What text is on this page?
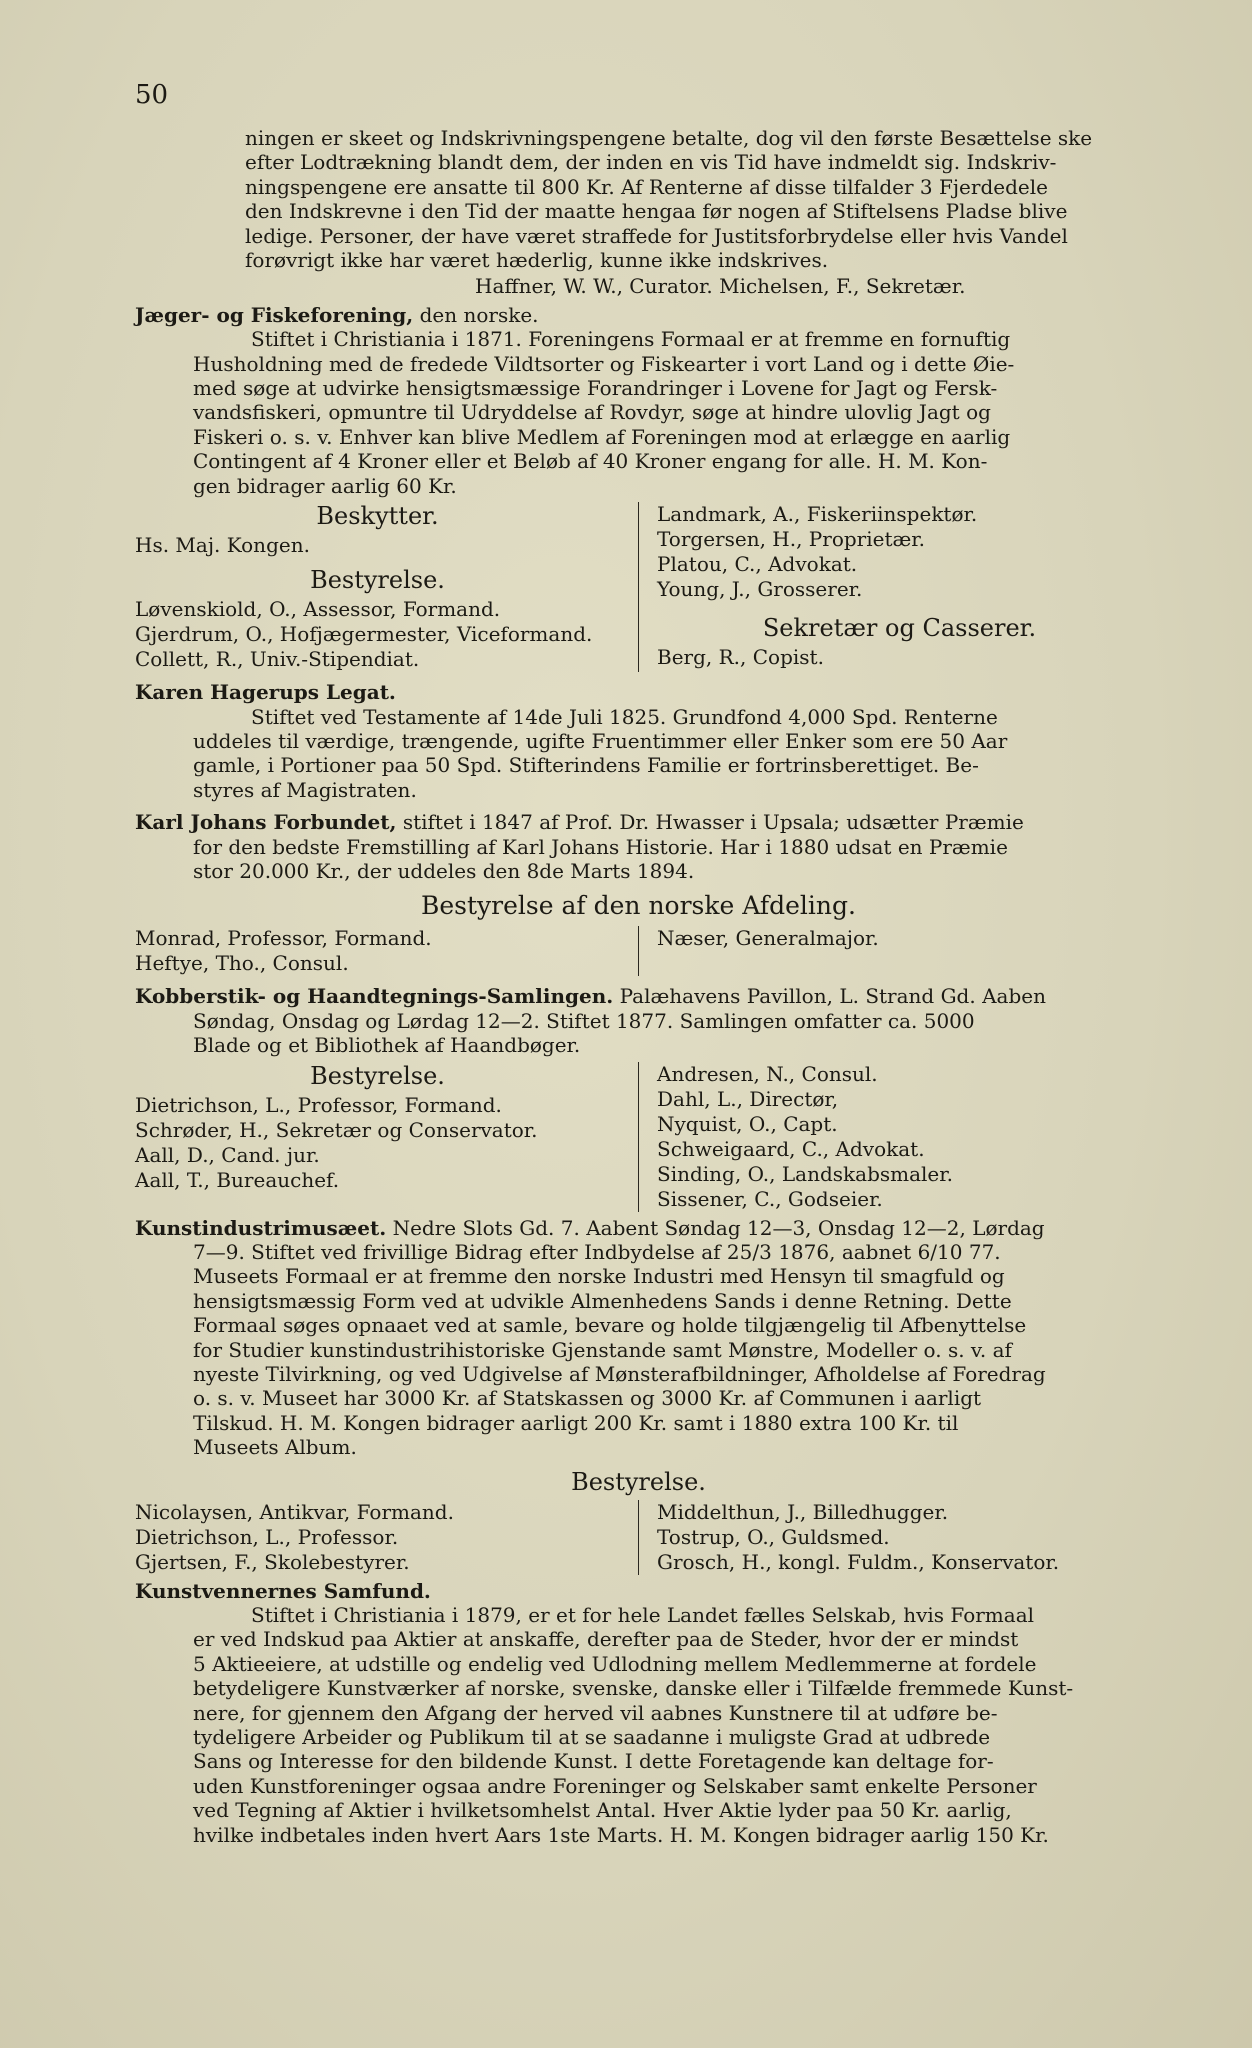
50

ningen er skeet og Indskrivningspengene betalte, dog vil den første Besættelse ske

efter Lodtrækning blandt dem, der inden en vis Tid have indmeldt sig. Indskriv-

ningspengene ere ansatte til 800 Kr. Af Renterne af disse tilfalder 3 Fjerdedele

den Indskrevne i den Tid der maatte hengaa før nogen af Stiftelsens Pladse blive

ledige. Personer, der have været straffede for Justitsforbrydelse eller hvis Vandel

forøvrigt ikke har været hæderlig, kunne ikke indskrives.

Haffner, W. W., Curator. Michelsen, F., Sekretær.

Jæger- og Fiskeforening, den norske.

Stiftet i Christiania i 1871. Foreningens Formaal er at fremme en fornuftig

Husholdning med de fredede Vildtsorter og Fiskearter i vort Land og i dette Øie-

med søge at udvirke hensigtsmæssige Forandringer i Lovene for Jagt og Fersk-

vandsfiskeri, opmuntre til Udryddelse af Rovdyr, søge at hindre ulovlig Jagt og

Fiskeri o. s. v. Enhver kan blive Medlem af Foreningen mod at erlægge en aarlig

Contingent af 4 Kroner eller et Beløb af 40 Kroner engang for alle. H. M. Kon-

gen bidrager aarlig 60 Kr.

Beskytter.
Hs. Maj. Kongen.
Bestyrelse.
Løvenskiold, O., Assessor, Formand.
Gjerdrum, O., Hofjægermester, Viceformand.
Collett, R., Univ.-Stipendiat.
Landmark, A., Fiskeriinspektør.
Torgersen, H., Proprietær.
Platou, C., Advokat.
Young, J., Grosserer.
Sekretær og Casserer.
Berg, R., Copist.

Karen Hagerups Legat.

Stiftet ved Testamente af 14de Juli 1825. Grundfond 4,000 Spd. Renterne

uddeles til værdige, trængende, ugifte Fruentimmer eller Enker som ere 50 Aar

gamle, i Portioner paa 50 Spd. Stifterindens Familie er fortrinsberettiget. Be-

styres af Magistraten.

Karl Johans Forbundet, stiftet i 1847 af Prof. Dr. Hwasser i Upsala; udsætter Præmie

for den bedste Fremstilling af Karl Johans Historie. Har i 1880 udsat en Præmie

stor 20.000 Kr., der uddeles den 8de Marts 1894.

Bestyrelse af den norske Afdeling.
Monrad, Professor, Formand.
Heftye, Tho., Consul.
Næser, Generalmajor.

Kobberstik- og Haandtegnings-Samlingen. Palæhavens Pavillon, L. Strand Gd. Aaben

Søndag, Onsdag og Lørdag 12—2. Stiftet 1877. Samlingen omfatter ca. 5000

Blade og et Bibliothek af Haandbøger.

Bestyrelse.
Dietrichson, L., Professor, Formand.
Schrøder, H., Sekretær og Conservator.
Aall, D., Cand. jur.
Aall, T., Bureauchef.
Andresen, N., Consul.
Dahl, L., Directør,
Nyquist, O., Capt.
Schweigaard, C., Advokat.
Sinding, O., Landskabsmaler.
Sissener, C., Godseier.

Kunstindustrimusæet. Nedre Slots Gd. 7. Aabent Søndag 12—3, Onsdag 12—2, Lørdag

7—9. Stiftet ved frivillige Bidrag efter Indbydelse af 25/3 1876, aabnet 6/10 77.

Museets Formaal er at fremme den norske Industri med Hensyn til smagfuld og

hensigtsmæssig Form ved at udvikle Almenhedens Sands i denne Retning. Dette

Formaal søges opnaaet ved at samle, bevare og holde tilgjængelig til Afbenyttelse

for Studier kunstindustrihistoriske Gjenstande samt Mønstre, Modeller o. s. v. af

nyeste Tilvirkning, og ved Udgivelse af Mønsterafbildninger, Afholdelse af Foredrag

o. s. v. Museet har 3000 Kr. af Statskassen og 3000 Kr. af Communen i aarligt

Tilskud. H. M. Kongen bidrager aarligt 200 Kr. samt i 1880 extra 100 Kr. til

Museets Album.

Bestyrelse.
Nicolaysen, Antikvar, Formand.
Dietrichson, L., Professor.
Gjertsen, F., Skolebestyrer.
Middelthun, J., Billedhugger.
Tostrup, O., Guldsmed.
Grosch, H., kongl. Fuldm., Konservator.

Kunstvennernes Samfund.

Stiftet i Christiania i 1879, er et for hele Landet fælles Selskab, hvis Formaal

er ved Indskud paa Aktier at anskaffe, derefter paa de Steder, hvor der er mindst

5 Aktieeiere, at udstille og endelig ved Udlodning mellem Medlemmerne at fordele

betydeligere Kunstværker af norske, svenske, danske eller i Tilfælde fremmede Kunst-

nere, for gjennem den Afgang der herved vil aabnes Kunstnere til at udføre be-

tydeligere Arbeider og Publikum til at se saadanne i muligste Grad at udbrede

Sans og Interesse for den bildende Kunst. I dette Foretagende kan deltage for-

uden Kunstforeninger ogsaa andre Foreninger og Selskaber samt enkelte Personer

ved Tegning af Aktier i hvilketsomhelst Antal. Hver Aktie lyder paa 50 Kr. aarlig,

hvilke indbetales inden hvert Aars 1ste Marts. H. M. Kongen bidrager aarlig 150 Kr.
